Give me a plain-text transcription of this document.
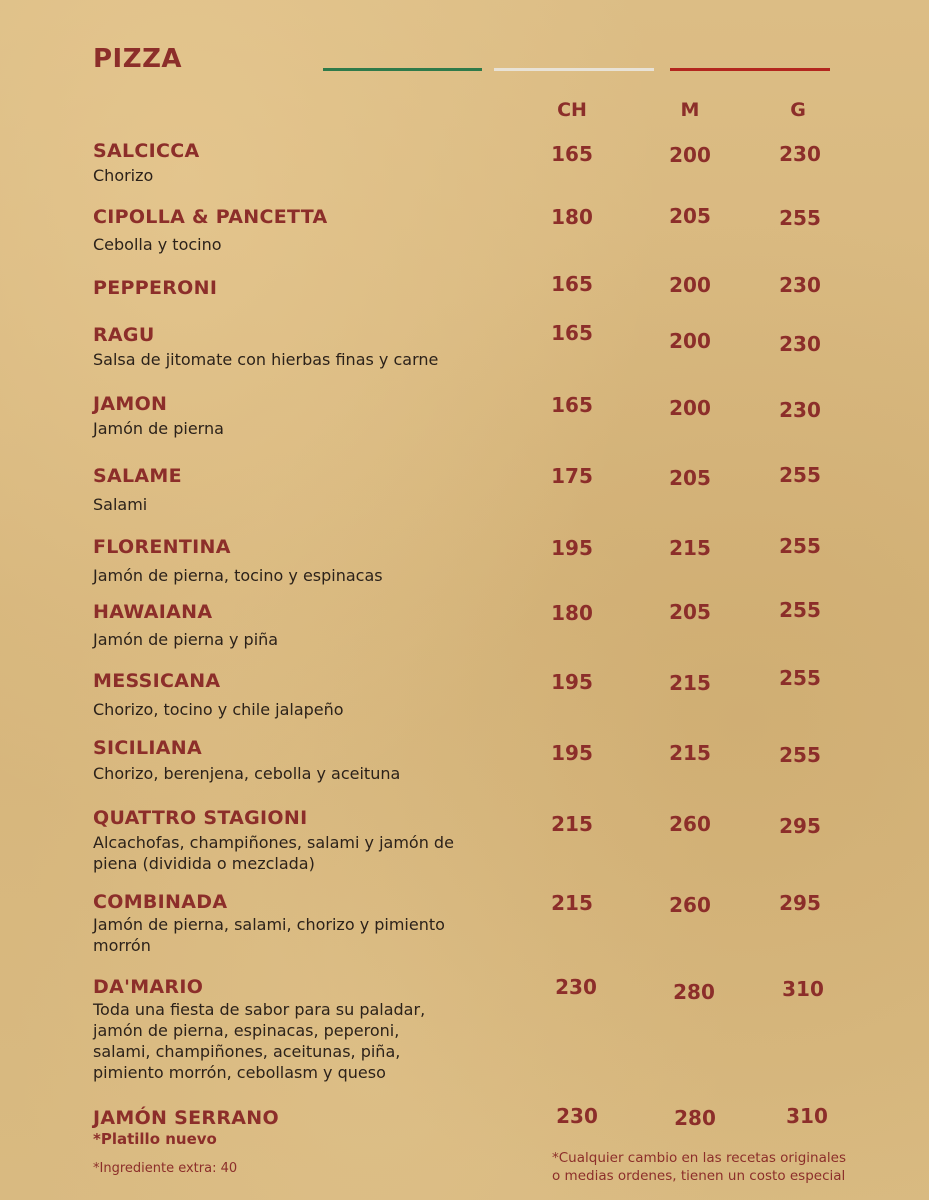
PIZZA
CH	M	G
SALCICCA
Chorizo
165	200	230
CIPOLLA & PANCETTA
Cebolla y tocino
180	205	255
PEPPERONI	165	200	230
RAGU
Salsa de jitomate con hierbas finas y carne
165	200	230
JAMON
Jamón de pierna
165	200	230
SALAME
Salami
175	205	255
FLORENTINA
Jamón de pierna, tocino y espinacas
195	215	255
HAWAIANA
Jamón de pierna y piña
180	205	255
MESSICANA
Chorizo, tocino y chile jalapeño
195	215	255
SICILIANA
Chorizo, berenjena, cebolla y aceituna
195	215	255
QUATTRO STAGIONI
Alcachofas, champiñones, salami y jamón de piena (dividida o mezclada)
215	260	295
COMBINADA
Jamón de pierna, salami, chorizo y pimiento morrón
215	260	295
DA'MARIO
Toda una fiesta de sabor para su paladar, jamón de pierna, espinacas, peperoni, salami, champiñones, aceitunas, piña, pimiento morrón, cebollasm y queso
230	280	310
JAMÓN SERRANO
*Platillo nuevo
230	280	310
*Ingrediente extra: 40
*Cualquier cambio en las recetas originales o medias ordenes, tienen un costo especial
